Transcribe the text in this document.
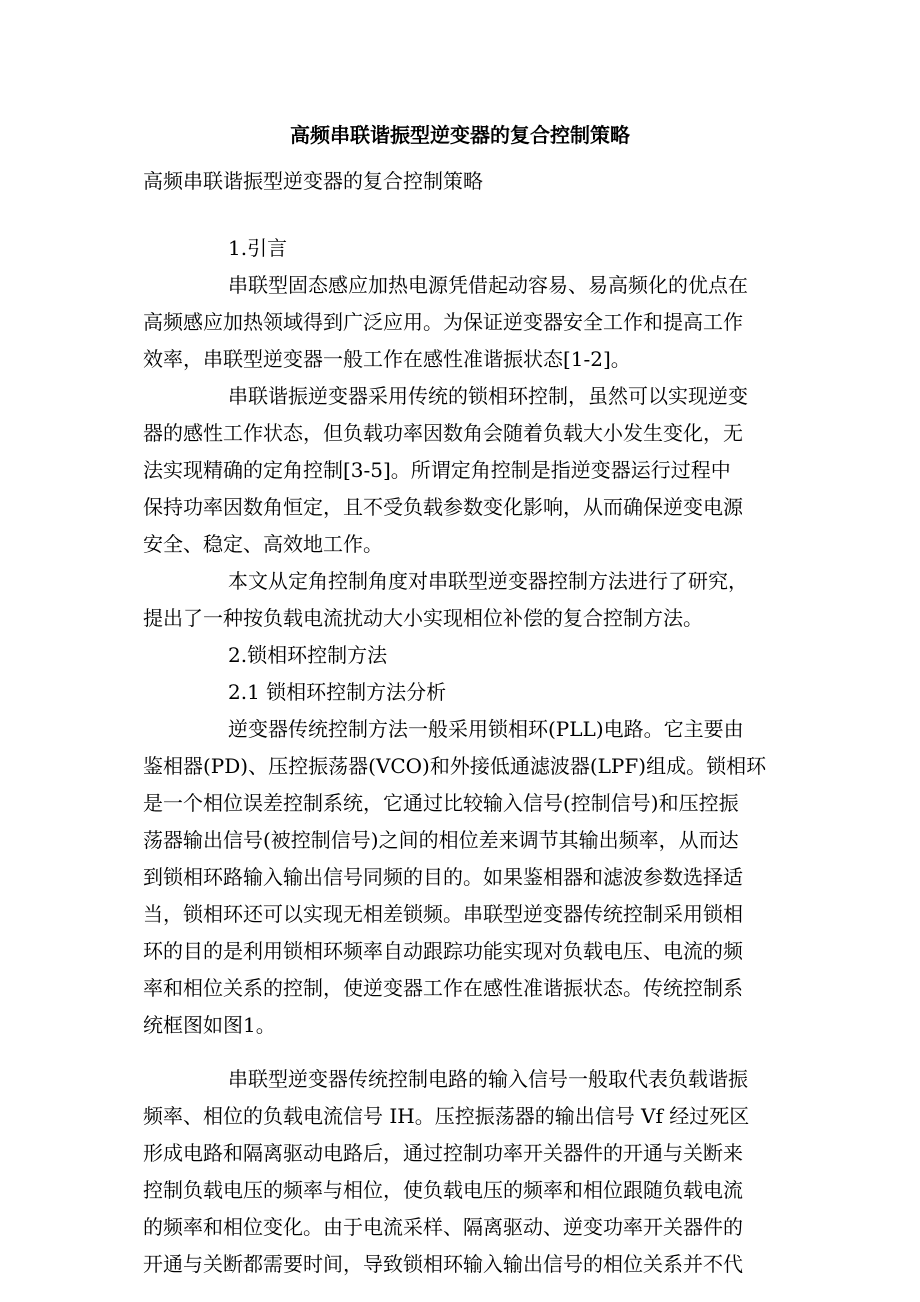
高频串联谐振型逆变器的复合控制策略
高频串联谐振型逆变器的复合控制策略
1.引言
串联型固态感应加热电源凭借起动容易、易高频化的优点在
高频感应加热领域得到广泛应用。为保证逆变器安全工作和提高工作
效率，串联型逆变器一般工作在感性准谐振状态[1-2]。
串联谐振逆变器采用传统的锁相环控制，虽然可以实现逆变
器的感性工作状态，但负载功率因数角会随着负载大小发生变化，无
法实现精确的定角控制[3-5]。所谓定角控制是指逆变器运行过程中
保持功率因数角恒定，且不受负载参数变化影响，从而确保逆变电源
安全、稳定、高效地工作。
本文从定角控制角度对串联型逆变器控制方法进行了研究，
提出了一种按负载电流扰动大小实现相位补偿的复合控制方法。
2.锁相环控制方法
2.1 锁相环控制方法分析
逆变器传统控制方法一般采用锁相环(PLL)电路。它主要由
鉴相器(PD)、压控振荡器(VCO)和外接低通滤波器(LPF)组成。锁相环
是一个相位误差控制系统，它通过比较输入信号(控制信号)和压控振
荡器输出信号(被控制信号)之间的相位差来调节其输出频率，从而达
到锁相环路输入输出信号同频的目的。如果鉴相器和滤波参数选择适
当，锁相环还可以实现无相差锁频。串联型逆变器传统控制采用锁相
环的目的是利用锁相环频率自动跟踪功能实现对负载电压、电流的频
率和相位关系的控制，使逆变器工作在感性准谐振状态。传统控制系
统框图如图1。
串联型逆变器传统控制电路的输入信号一般取代表负载谐振
频率、相位的负载电流信号 IH。压控振荡器的输出信号 Vf 经过死区
形成电路和隔离驱动电路后，通过控制功率开关器件的开通与关断来
控制负载电压的频率与相位，使负载电压的频率和相位跟随负载电流
的频率和相位变化。由于电流采样、隔离驱动、逆变功率开关器件的
开通与关断都需要时间，导致锁相环输入输出信号的相位关系并不代
